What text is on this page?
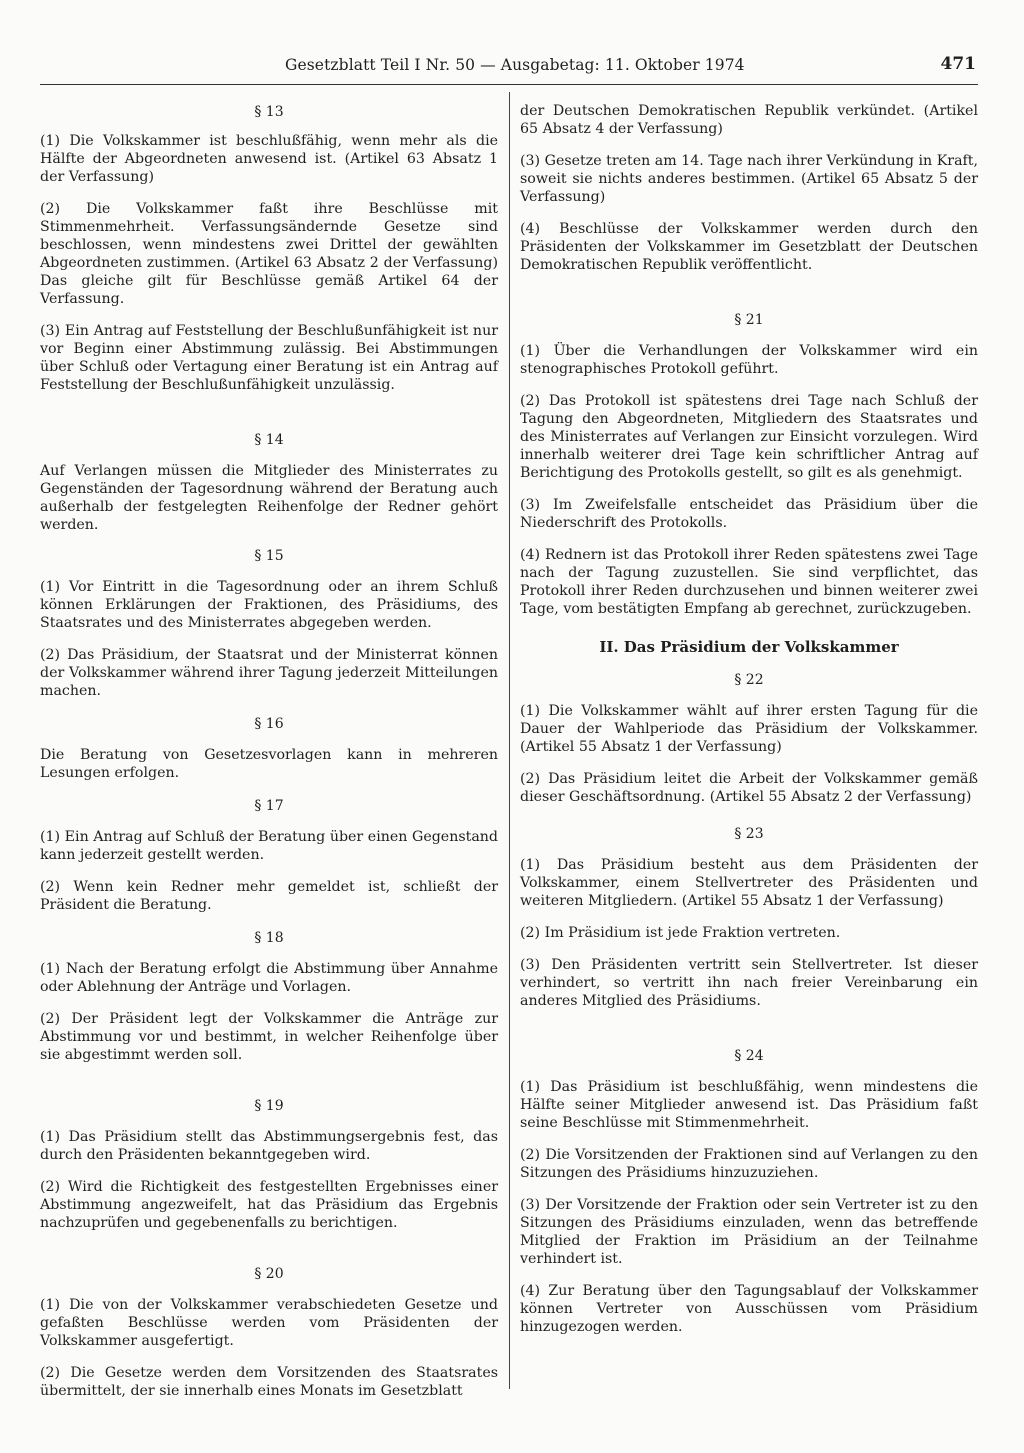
Gesetzblatt Teil I Nr. 50 — Ausgabetag: 11. Oktober 1974	471
§ 13

(1) Die Volkskammer ist beschlußfähig, wenn mehr als die Hälfte der Abgeordneten anwesend ist. (Artikel 63 Absatz 1 der Verfassung)

(2) Die Volkskammer faßt ihre Beschlüsse mit Stimmenmehrheit. Verfassungsändernde Gesetze sind beschlossen, wenn mindestens zwei Drittel der gewählten Abgeordneten zustimmen. (Artikel 63 Absatz 2 der Verfassung) Das gleiche gilt für Beschlüsse gemäß Artikel 64 der Verfassung.

(3) Ein Antrag auf Feststellung der Beschlußunfähigkeit ist nur vor Beginn einer Abstimmung zulässig. Bei Abstimmungen über Schluß oder Vertagung einer Beratung ist ein Antrag auf Feststellung der Beschlußunfähigkeit unzulässig.

§ 14

Auf Verlangen müssen die Mitglieder des Ministerrates zu Gegenständen der Tagesordnung während der Beratung auch außerhalb der festgelegten Reihenfolge der Redner gehört werden.

§ 15

(1) Vor Eintritt in die Tagesordnung oder an ihrem Schluß können Erklärungen der Fraktionen, des Präsidiums, des Staatsrates und des Ministerrates abgegeben werden.

(2) Das Präsidium, der Staatsrat und der Ministerrat können der Volkskammer während ihrer Tagung jederzeit Mitteilungen machen.

§ 16

Die Beratung von Gesetzesvorlagen kann in mehreren Lesungen erfolgen.

§ 17

(1) Ein Antrag auf Schluß der Beratung über einen Gegenstand kann jederzeit gestellt werden.

(2) Wenn kein Redner mehr gemeldet ist, schließt der Präsident die Beratung.

§ 18

(1) Nach der Beratung erfolgt die Abstimmung über Annahme oder Ablehnung der Anträge und Vorlagen.

(2) Der Präsident legt der Volkskammer die Anträge zur Abstimmung vor und bestimmt, in welcher Reihenfolge über sie abgestimmt werden soll.

§ 19

(1) Das Präsidium stellt das Abstimmungsergebnis fest, das durch den Präsidenten bekanntgegeben wird.

(2) Wird die Richtigkeit des festgestellten Ergebnisses einer Abstimmung angezweifelt, hat das Präsidium das Ergebnis nachzuprüfen und gegebenenfalls zu berichtigen.

§ 20

(1) Die von der Volkskammer verabschiedeten Gesetze und gefaßten Beschlüsse werden vom Präsidenten der Volkskammer ausgefertigt.

(2) Die Gesetze werden dem Vorsitzenden des Staatsrates übermittelt, der sie innerhalb eines Monats im Gesetzblatt

der Deutschen Demokratischen Republik verkündet. (Artikel 65 Absatz 4 der Verfassung)

(3) Gesetze treten am 14. Tage nach ihrer Verkündung in Kraft, soweit sie nichts anderes bestimmen. (Artikel 65 Absatz 5 der Verfassung)

(4) Beschlüsse der Volkskammer werden durch den Präsidenten der Volkskammer im Gesetzblatt der Deutschen Demokratischen Republik veröffentlicht.

§ 21

(1) Über die Verhandlungen der Volkskammer wird ein stenographisches Protokoll geführt.

(2) Das Protokoll ist spätestens drei Tage nach Schluß der Tagung den Abgeordneten, Mitgliedern des Staatsrates und des Ministerrates auf Verlangen zur Einsicht vorzulegen. Wird innerhalb weiterer drei Tage kein schriftlicher Antrag auf Berichtigung des Protokolls gestellt, so gilt es als genehmigt.

(3) Im Zweifelsfalle entscheidet das Präsidium über die Niederschrift des Protokolls.

(4) Rednern ist das Protokoll ihrer Reden spätestens zwei Tage nach der Tagung zuzustellen. Sie sind verpflichtet, das Protokoll ihrer Reden durchzusehen und binnen weiterer zwei Tage, vom bestätigten Empfang ab gerechnet, zurückzugeben.

II. Das Präsidium der Volkskammer
§ 22

(1) Die Volkskammer wählt auf ihrer ersten Tagung für die Dauer der Wahlperiode das Präsidium der Volkskammer. (Artikel 55 Absatz 1 der Verfassung)

(2) Das Präsidium leitet die Arbeit der Volkskammer gemäß dieser Geschäftsordnung. (Artikel 55 Absatz 2 der Verfassung)

§ 23

(1) Das Präsidium besteht aus dem Präsidenten der Volkskammer, einem Stellvertreter des Präsidenten und weiteren Mitgliedern. (Artikel 55 Absatz 1 der Verfassung)

(2) Im Präsidium ist jede Fraktion vertreten.

(3) Den Präsidenten vertritt sein Stellvertreter. Ist dieser verhindert, so vertritt ihn nach freier Vereinbarung ein anderes Mitglied des Präsidiums.

§ 24

(1) Das Präsidium ist beschlußfähig, wenn mindestens die Hälfte seiner Mitglieder anwesend ist. Das Präsidium faßt seine Beschlüsse mit Stimmenmehrheit.

(2) Die Vorsitzenden der Fraktionen sind auf Verlangen zu den Sitzungen des Präsidiums hinzuzuziehen.

(3) Der Vorsitzende der Fraktion oder sein Vertreter ist zu den Sitzungen des Präsidiums einzuladen, wenn das betreffende Mitglied der Fraktion im Präsidium an der Teilnahme verhindert ist.

(4) Zur Beratung über den Tagungsablauf der Volkskammer können Vertreter von Ausschüssen vom Präsidium hinzugezogen werden.
